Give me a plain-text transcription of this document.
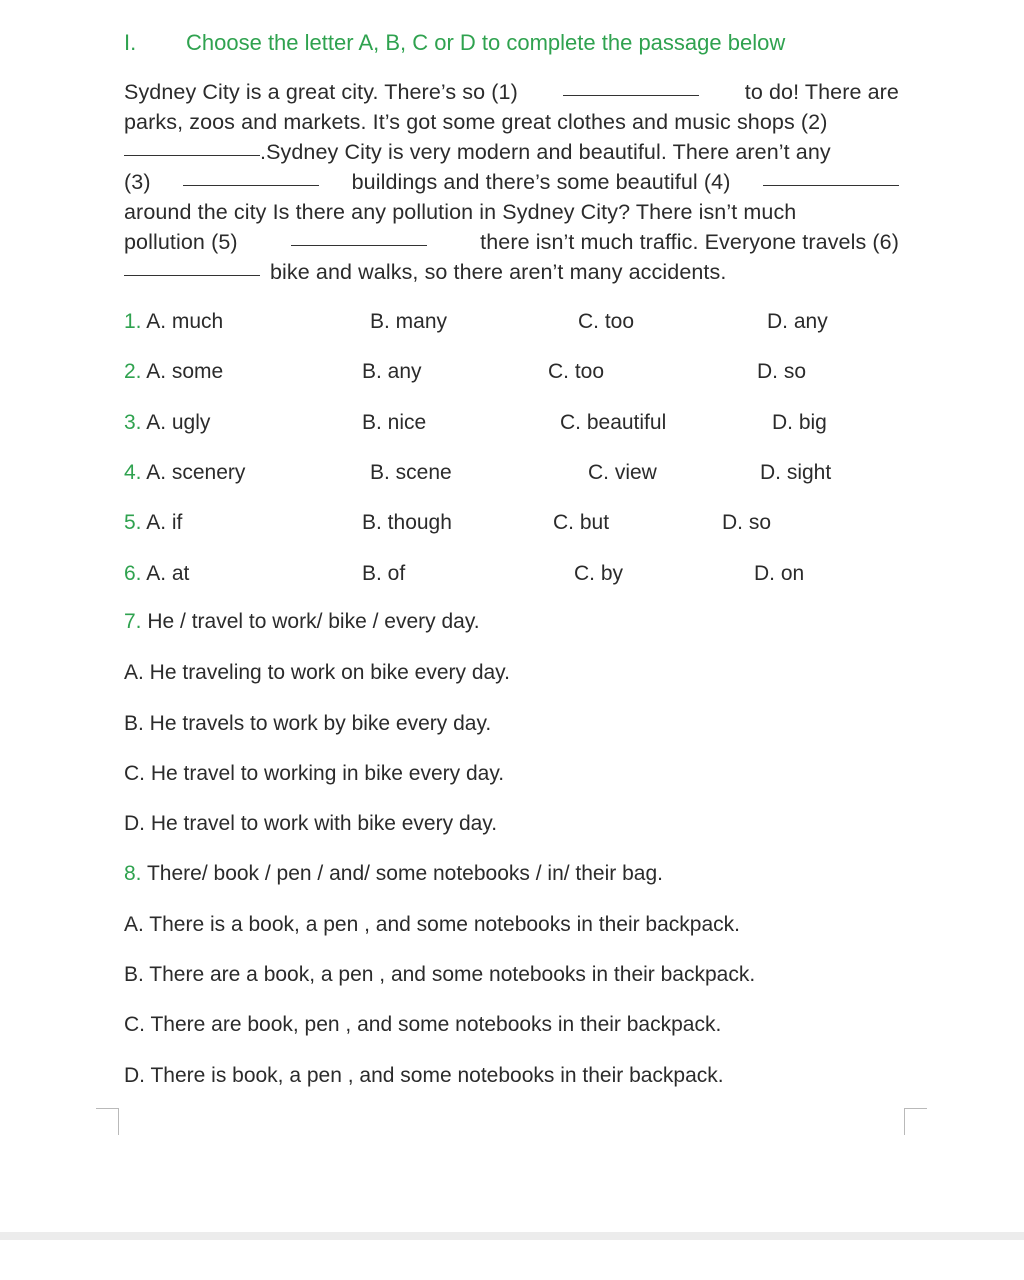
I. Choose the letter A, B, C or D to complete the passage below
Sydney City is a great city. There’s so (1)	to do! There are
parks, zoos and markets. It’s got some great clothes and music shops (2)
.Sydney City is very modern and beautiful. There aren’t any
(3)	buildings and there’s some beautiful (4)
around the city Is there any pollution in Sydney City? There isn’t much
pollution (5)	there isn’t much traffic. Everyone travels (6)
bike and walks, so there aren’t many accidents.
1. A. much	B. many	C. too	D. any
2. A. some	B. any	C. too	D. so
3. A. ugly	B. nice	C. beautiful	D. big
4. A. scenery	B. scene	C. view	D. sight
5. A. if	B. though	C. but	D. so
6. A. at	B. of	C. by	D. on
7. He / travel to work/ bike / every day.
A. He traveling to work on bike every day.
B. He travels to work by bike every day.
C. He travel to working in bike every day.
D. He travel to work with bike every day.
8. There/ book / pen / and/ some notebooks / in/ their bag.
A. There is a book, a pen , and some notebooks in their backpack.
B. There are a book, a pen , and some notebooks in their backpack.
C. There are book, pen , and some notebooks in their backpack.
D. There is book, a pen , and some notebooks in their backpack.
